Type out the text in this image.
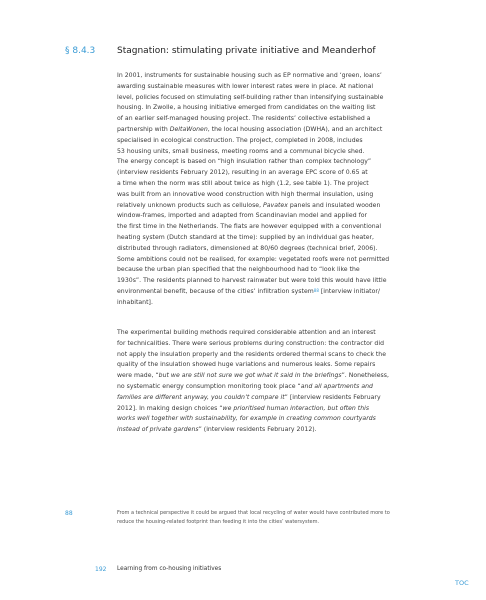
§ 8.4.3 Stagnation: stimulating private initiative and Meanderhof

In 2001, instruments for sustainable housing such as EP normative and ‘green, loans’
awarding sustainable measures with lower interest rates were in place. At national
level, policies focused on stimulating self-building rather than intensifying sustainable
housing. In Zwolle, a housing initiative emerged from candidates on the waiting list
of an earlier self-managed housing project. The residents’ collective established a
partnership with DeltaWonen, the local housing association (DWHA), and an architect
specialised in ecological construction. The project, completed in 2008, includes
53 housing units, small business, meeting rooms and a communal bicycle shed.
The energy concept is based on “high insulation rather than complex technology”
(interview residents February 2012), resulting in an average EPC score of 0.65 at
a time when the norm was still about twice as high (1.2, see table 1). The project
was built from an innovative wood construction with high thermal insulation, using
relatively unknown products such as cellulose, Pavatex panels and insulated wooden
window-frames, imported and adapted from Scandinavian model and applied for
the first time in the Netherlands. The flats are however equipped with a conventional
heating system (Dutch standard at the time): supplied by an individual gas heater,
distributed through radiators, dimensioned at 80/60 degrees (technical brief, 2006).
Some ambitions could not be realised, for example: vegetated roofs were not permitted
because the urban plan specified that the neighbourhood had to “look like the
1930s”. The residents planned to harvest rainwater but were told this would have little
environmental benefit, because of the cities’ infiltration system$^{88}$ [interview initiator/
inhabitant].

The experimental building methods required considerable attention and an interest
for technicalities. There were serious problems during construction: the contractor did
not apply the insulation properly and the residents ordered thermal scans to check the
quality of the insulation showed huge variations and numerous leaks. Some repairs
were made, “but we are still not sure we got what it said in the briefings”. Nonetheless,
no systematic energy consumption monitoring took place “and all apartments and
families are different anyway, you couldn’t compare it” [interview residents February
2012]. In making design choices “we prioritised human interaction, but often this
works well together with sustainability, for example in creating common courtyards
instead of private gardens” (interview residents February 2012).

88	From a technical perspective it could be argued that local recycling of water would have contributed more to
reduce the housing-related footprint than feeding it into the cities’ watersystem.
192 Learning from co-housing initiatives
TOC
